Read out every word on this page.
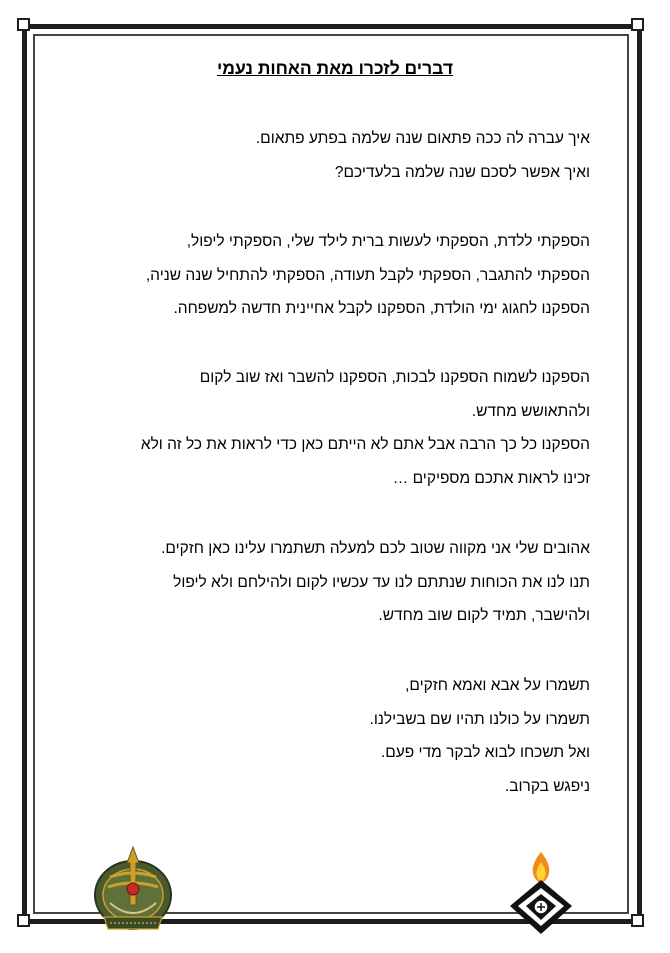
דברים לזכרו מאת האחות נעמי

איך עברה לה ככה פתאום שנה שלמה בפתע פתאום.
ואיך אפשר לסכם שנה שלמה בלעדיכם?

הספקתי ללדת, הספקתי לעשות ברית לילד שלי, הספקתי ליפול,
הספקתי להתגבר, הספקתי לקבל תעודה, הספקתי להתחיל שנה שניה,
הספקנו לחגוג ימי הולדת, הספקנו לקבל אחיינית חדשה למשפחה.

הספקנו לשמוח הספקנו לבכות, הספקנו להשבר ואז שוב לקום
ולהתאושש מחדש.
הספקנו כל כך הרבה אבל אתם לא הייתם כאן כדי לראות את כל זה ולא
זכינו לראות אתכם מספיקים …

אהובים שלי אני מקווה שטוב לכם למעלה תשתמרו עלינו כאן חזקים.
תנו לנו את הכוחות שנתתם לנו עד עכשיו לקום ולהילחם ולא ליפול
ולהישבר, תמיד לקום שוב מחדש.

תשמרו על אבא ואמא חזקים,
תשמרו על כולנו תהיו שם בשבילנו.
ואל תשכחו לבוא לבקר מדי פעם.
ניפגש בקרוב.
